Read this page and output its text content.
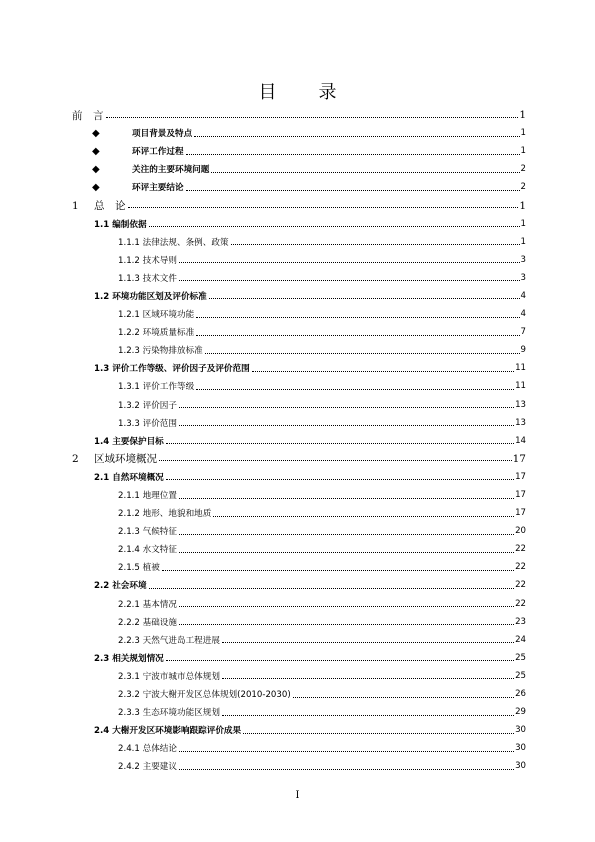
目　录
前　言	1
◆	项目背景及特点	1
◆	环评工作过程	1
◆	关注的主要环境问题	2
◆	环评主要结论	2
1 总　论	1
1.1 编制依据	1
1.1.1 法律法规、条例、政策	1
1.1.2 技术导则	3
1.1.3 技术文件	3
1.2 环境功能区划及评价标准	4
1.2.1 区域环境功能	4
1.2.2 环境质量标准	7
1.2.3 污染物排放标准	9
1.3 评价工作等级、评价因子及评价范围	11
1.3.1 评价工作等级	11
1.3.2 评价因子	13
1.3.3 评价范围	13
1.4 主要保护目标	14
2 区域环境概况	17
2.1 自然环境概况	17
2.1.1 地理位置	17
2.1.2 地形、地貌和地质	17
2.1.3 气候特征	20
2.1.4 水文特征	22
2.1.5 植被	22
2.2 社会环境	22
2.2.1 基本情况	22
2.2.2 基础设施	23
2.2.3 天然气进岛工程进展	24
2.3 相关规划情况	25
2.3.1 宁波市城市总体规划	25
2.3.2 宁波大榭开发区总体规划(2010-2030)	26
2.3.3 生态环境功能区规划	29
2.4 大榭开发区环境影响跟踪评价成果	30
2.4.1 总体结论	30
2.4.2 主要建议	30
I
